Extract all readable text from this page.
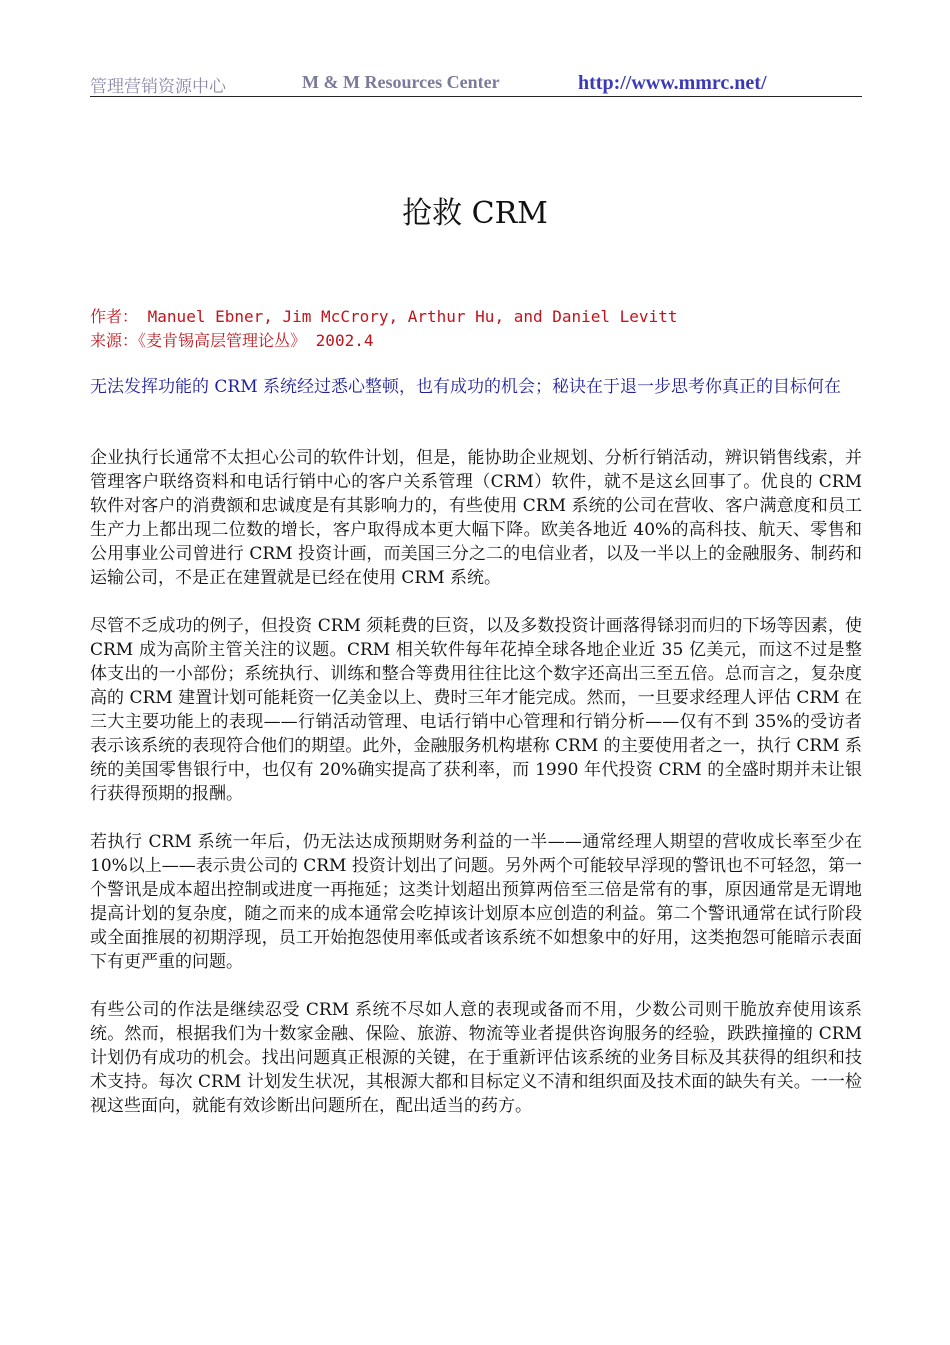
管理营销资源中心	M & M Resources Center	http://www.mmrc.net/
抢救 CRM
作者： Manuel Ebner, Jim McCrory, Arthur Hu, and Daniel Levitt
来源：《麦肯锡高层管理论丛》 2002.4
无法发挥功能的 CRM 系统经过悉心整顿，也有成功的机会；秘诀在于退一步思考你真正的目标何在

企业执行长通常不太担心公司的软件计划，但是，能协助企业规划、分析行销活动，辨识销售线索，并管理客户联络资料和电话行销中心的客户关系管理（CRM）软件，就不是这幺回事了。优良的 CRM 软件对客户的消费额和忠诚度是有其影响力的，有些使用 CRM 系统的公司在营收、客户满意度和员工生产力上都出现二位数的增长，客户取得成本更大幅下降。欧美各地近 40%的高科技、航天、零售和公用事业公司曾进行 CRM 投资计画，而美国三分之二的电信业者，以及一半以上的金融服务、制药和运输公司，不是正在建置就是已经在使用 CRM 系统。

尽管不乏成功的例子，但投资 CRM 须耗费的巨资，以及多数投资计画落得铩羽而归的下场等因素，使 CRM 成为高阶主管关注的议题。CRM 相关软件每年花掉全球各地企业近 35 亿美元，而这不过是整体支出的一小部份；系统执行、训练和整合等费用往往比这个数字还高出三至五倍。总而言之，复杂度高的 CRM 建置计划可能耗资一亿美金以上、费时三年才能完成。然而，一旦要求经理人评估 CRM 在三大主要功能上的表现——行销活动管理、电话行销中心管理和行销分析——仅有不到 35%的受访者表示该系统的表现符合他们的期望。此外，金融服务机构堪称 CRM 的主要使用者之一，执行 CRM 系统的美国零售银行中，也仅有 20%确实提高了获利率，而 1990 年代投资 CRM 的全盛时期并未让银行获得预期的报酬。

若执行 CRM 系统一年后，仍无法达成预期财务利益的一半——通常经理人期望的营收成长率至少在 10%以上——表示贵公司的 CRM 投资计划出了问题。另外两个可能较早浮现的警讯也不可轻忽，第一个警讯是成本超出控制或进度一再拖延；这类计划超出预算两倍至三倍是常有的事，原因通常是无谓地提高计划的复杂度，随之而来的成本通常会吃掉该计划原本应创造的利益。第二个警讯通常在试行阶段或全面推展的初期浮现，员工开始抱怨使用率低或者该系统不如想象中的好用，这类抱怨可能暗示表面下有更严重的问题。

有些公司的作法是继续忍受 CRM 系统不尽如人意的表现或备而不用，少数公司则干脆放弃使用该系统。然而，根据我们为十数家金融、保险、旅游、物流等业者提供咨询服务的经验，跌跌撞撞的 CRM 计划仍有成功的机会。找出问题真正根源的关键，在于重新评估该系统的业务目标及其获得的组织和技术支持。每次 CRM 计划发生状况，其根源大都和目标定义不清和组织面及技术面的缺失有关。一一检视这些面向，就能有效诊断出问题所在，配出适当的药方。
